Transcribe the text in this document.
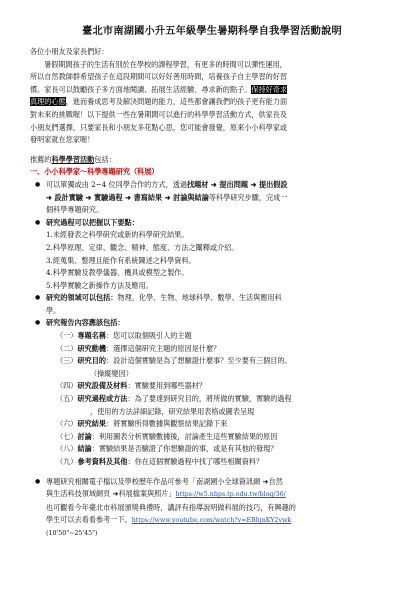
臺北市南湖國小升五年級學生暑期科學自我學習活動說明

各位小朋友及家長們好：

暑假期間孩子的生活有別於在學校的課程學習，有更多的時間可以彈性運用，

所以自然教師群希望孩子在這段期間可以好好善用時間，培養孩子自主學習的好習

慣。家長可以鼓勵孩子多方面地閱讀、拓展生活經驗、尋求新的點子。保持好奇求

真理的心態，進而養成思考及解決問題的能力，這些都會讓我們的孩子更有能力面

對未來的挑戰喔！以下提供一些在暑期間可以進行的科學學習活動方式，供家長及

小朋友們選擇，只要家長和小朋友多花點心思，您可能會發覺，原來小小科學家或

發明家就在您家喔！

推薦的科學學習活動包括：

一、小小科學家～科學專題研究（科展）

● 可以單獨或由 2~4 位同學合作的方式，透過找題材 ➜ 提出問題 ➜ 提出假設

➜ 設計實驗 ➜ 實驗過程 ➜ 書寫結果 ➜ 討論與結論等科學研究步驟，完成一

個科學專題研究。

● 研究過程可以把握以下要點：

1.未經發表之科學研究或新的科學研究結果。

2.科學原理、定律、觀念、精神、態度、方法之闡釋或介紹。

3.經蒐集、整理且能作有系統陳述之科學資料。

4.科學實驗及教學儀器、機具或模型之製作。

5.科學實驗之新操作方法及應用。

● 研究的領域可以包括：物理、化學、生物、地球科學、數學、生活與應用科

學。

● 研究報告內容應該包括：

（一）專題名稱：您可以取個吸引人的主題

（二）研究動機：選擇這個研究主題的原因是什麼？

（三）研究目的：設計這個實驗是為了想驗證什麼事？至少要有三個目的。

（操縱變因）

（四）研究設備及材料：實驗要用到哪些器材？

（五）研究過程或方法：為了要達到研究目的，將所做的實驗，實驗的過程

，使用的方法詳細記錄，研究結果用表格或圖表呈現

（六）研究結果：將實驗所得數據與觀察結果記錄下來

（七）討論：利用圖表分析實驗數據後，討論產生這些實驗結果的原因

（八）結論：實驗結果是否驗證了你想驗證的事，或是有其他的發現？

（九）參考資料及其他：你在這個實驗過程中找了哪些相關資料？

● 專題研究相關電子檔以及學校歷年作品可參考「南湖國小全球資訊網 ➜自然

與生活科技領域網頁 ➜科展檔案與照片」https://w5.nhps.tp.edu.tw/blog/36/

也可觀看今年臺北市科展頒獎典禮時，講評有指導說明做科展的技巧，有興趣的

學生可以去看看參考一下。https://www.youtube.com/watch?v=EBhjnKY2vwk

(10'50"~25'45")
